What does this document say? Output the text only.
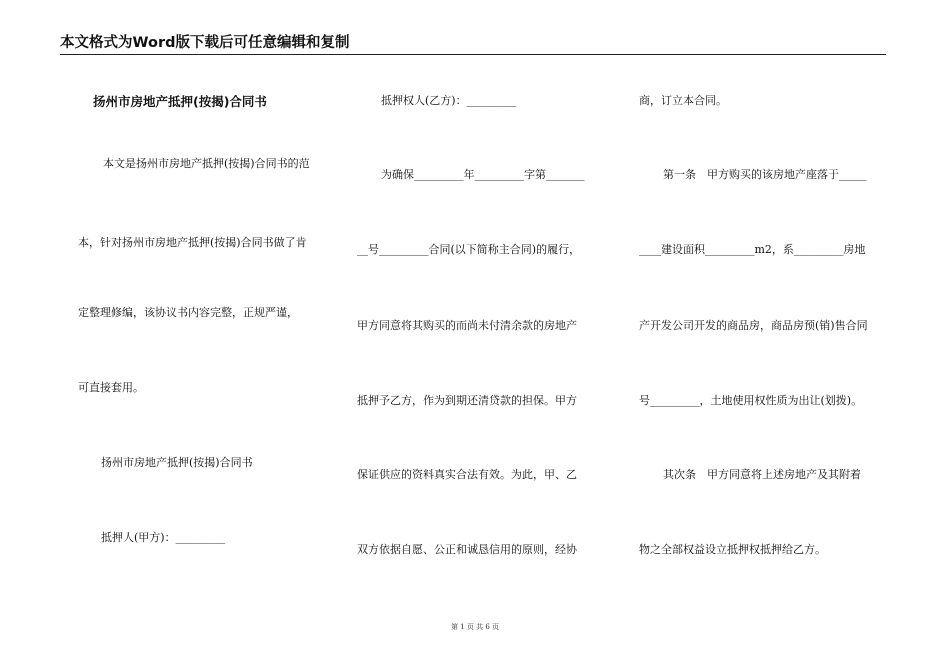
本文格式为Word版下载后可任意编辑和复制
扬州市房地产抵押(按揭)合同书
本文是扬州市房地产抵押(按揭)合同书的范
本，针对扬州市房地产抵押(按揭)合同书做了肯
定整理修编，该协议书内容完整，正规严谨，
可直接套用。
扬州市房地产抵押(按揭)合同书
抵押人(甲方)：_________
抵押权人(乙方)：_________
为确保_________年_________字第_______
__号_________合同(以下简称主合同)的履行，
甲方同意将其购买的而尚未付清余款的房地产
抵押予乙方，作为到期还清贷款的担保。甲方
保证供应的资料真实合法有效。为此，甲、乙
双方依据自愿、公正和诚恳信用的原则，经协
商，订立本合同。
第一条　甲方购买的该房地产座落于_____
____建设面积_________m2，系_________房地
产开发公司开发的商品房，商品房预(销)售合同
号_________，土地使用权性质为出让(划拨)。
其次条　甲方同意将上述房地产及其附着
物之全部权益设立抵押权抵押给乙方。
第 1 页 共 6 页
